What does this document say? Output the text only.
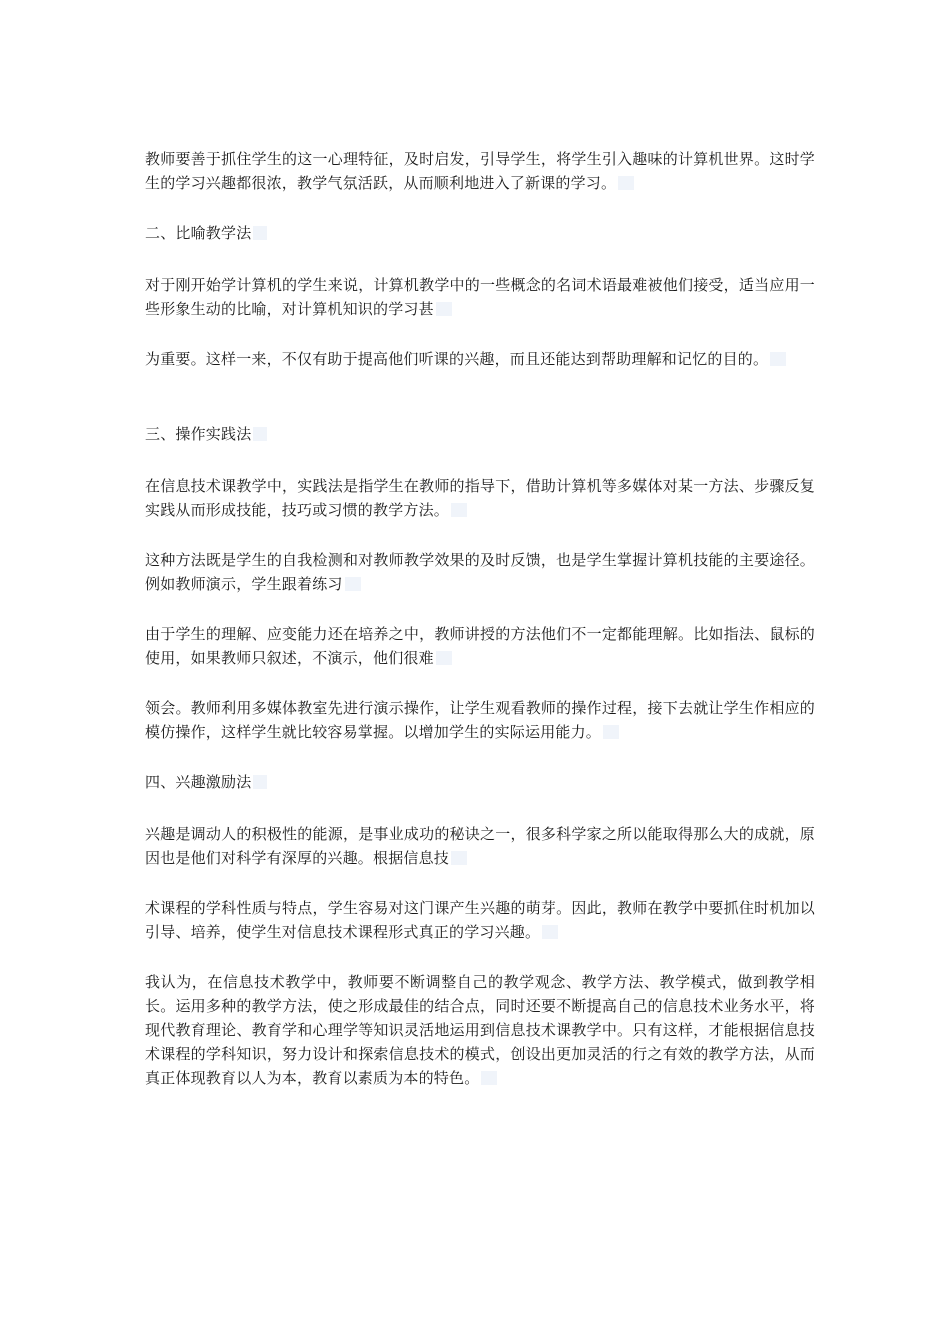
教师要善于抓住学生的这一心理特征，及时启发，引导学生，将学生引入趣味的计算机世界。这时学生的学习兴趣都很浓，教学气氛活跃，从而顺利地进入了新课的学习。

二、比喻教学法

对于刚开始学计算机的学生来说，计算机教学中的一些概念的名词术语最难被他们接受，适当应用一些形象生动的比喻，对计算机知识的学习甚

为重要。这样一来，不仅有助于提高他们听课的兴趣，而且还能达到帮助理解和记忆的目的。

三、操作实践法

在信息技术课教学中，实践法是指学生在教师的指导下，借助计算机等多媒体对某一方法、步骤反复实践从而形成技能，技巧或习惯的教学方法。

这种方法既是学生的自我检测和对教师教学效果的及时反馈，也是学生掌握计算机技能的主要途径。例如教师演示，学生跟着练习

由于学生的理解、应变能力还在培养之中，教师讲授的方法他们不一定都能理解。比如指法、鼠标的使用，如果教师只叙述，不演示，他们很难

领会。教师利用多媒体教室先进行演示操作，让学生观看教师的操作过程，接下去就让学生作相应的模仿操作，这样学生就比较容易掌握。以增加学生的实际运用能力。

四、兴趣激励法

兴趣是调动人的积极性的能源，是事业成功的秘诀之一，很多科学家之所以能取得那么大的成就，原因也是他们对科学有深厚的兴趣。根据信息技

术课程的学科性质与特点，学生容易对这门课产生兴趣的萌芽。因此，教师在教学中要抓住时机加以引导、培养，使学生对信息技术课程形式真正的学习兴趣。

我认为，在信息技术教学中，教师要不断调整自己的教学观念、教学方法、教学模式，做到教学相长。运用多种的教学方法，使之形成最佳的结合点，同时还要不断提高自己的信息技术业务水平，将现代教育理论、教育学和心理学等知识灵活地运用到信息技术课教学中。只有这样，才能根据信息技术课程的学科知识，努力设计和探索信息技术的模式，创设出更加灵活的行之有效的教学方法，从而真正体现教育以人为本，教育以素质为本的特色。
